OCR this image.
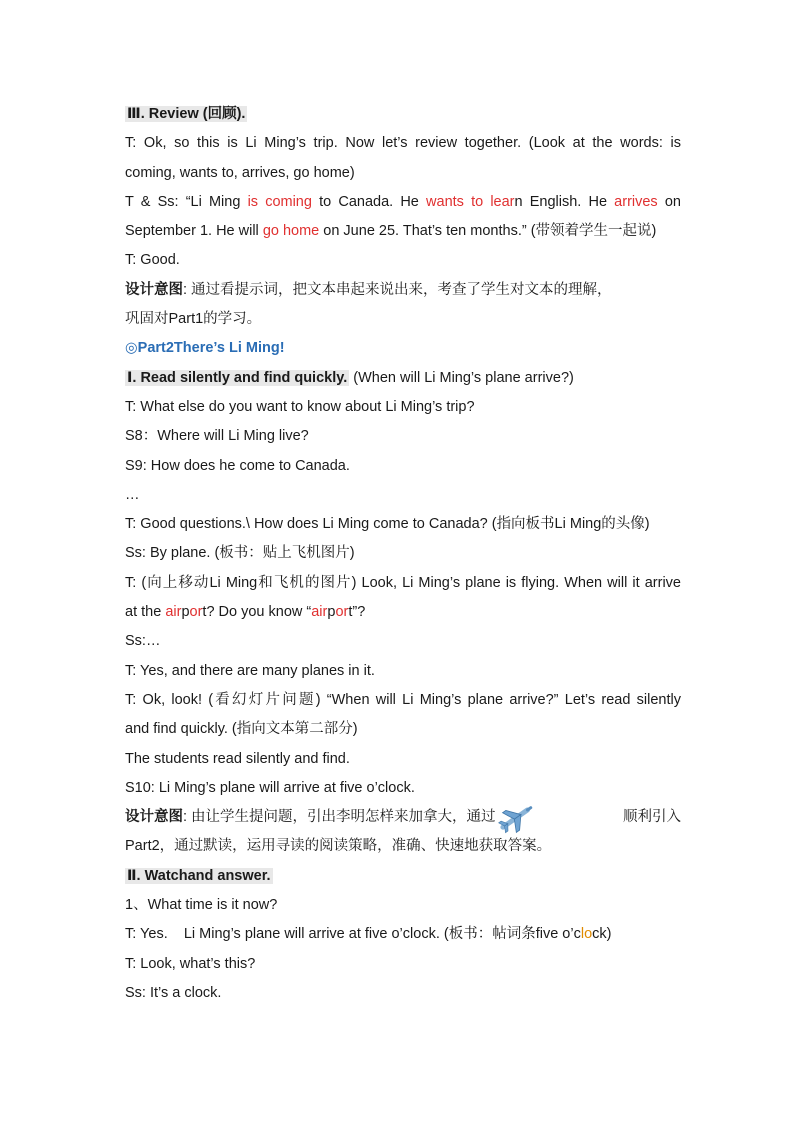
Ⅲ. Review (回顾).
T: Ok, so this is Li Ming’s trip. Now let’s review together. (Look at the words: is
coming, wants to, arrives, go home)
T & Ss: “Li Ming is coming to Canada. He wants to learn English. He arrives on
September 1. He will go home on June 25. That’s ten months.” (带领着学生一起说)
T: Good.
设计意图: 通过看提示词，把文本串起来说出来，考查了学生对文本的理解，
巩固对Part1的学习。
◎Part2There’s Li Ming!
Ⅰ. Read silently and find quickly. (When will Li Ming’s plane arrive?)
T: What else do you want to know about Li Ming’s trip?
S8：Where will Li Ming live?
S9: How does he come to Canada.
…
T: Good questions.\ How does Li Ming come to Canada? (指向板书Li Ming的头像)
Ss: By plane. (板书：贴上飞机图片)
T: (向上移动Li Ming和飞机的图片) Look, Li Ming’s plane is flying. When will it arrive
at the airport? Do you know “airport”?
Ss:…
T: Yes, and there are many planes in it.
T: Ok, look! (看幻灯片问题) “When will Li Ming’s plane arrive?” Let’s read silently
and find quickly. (指向文本第二部分)
The students read silently and find.
S10: Li Ming’s plane will arrive at five o’clock.
设计意图 : 由让学生提问题，引出李明怎样来加拿大，通过	顺利引入
Part2，通过默读，运用寻读的阅读策略，准确、快速地获取答案。
Ⅱ. Watchand answer.
1、What time is it now?
T: Yes.    Li Ming’s plane will arrive at five o’clock. (板书：帖词条five o’clock)
T: Look, what’s this?
Ss: It’s a clock.
